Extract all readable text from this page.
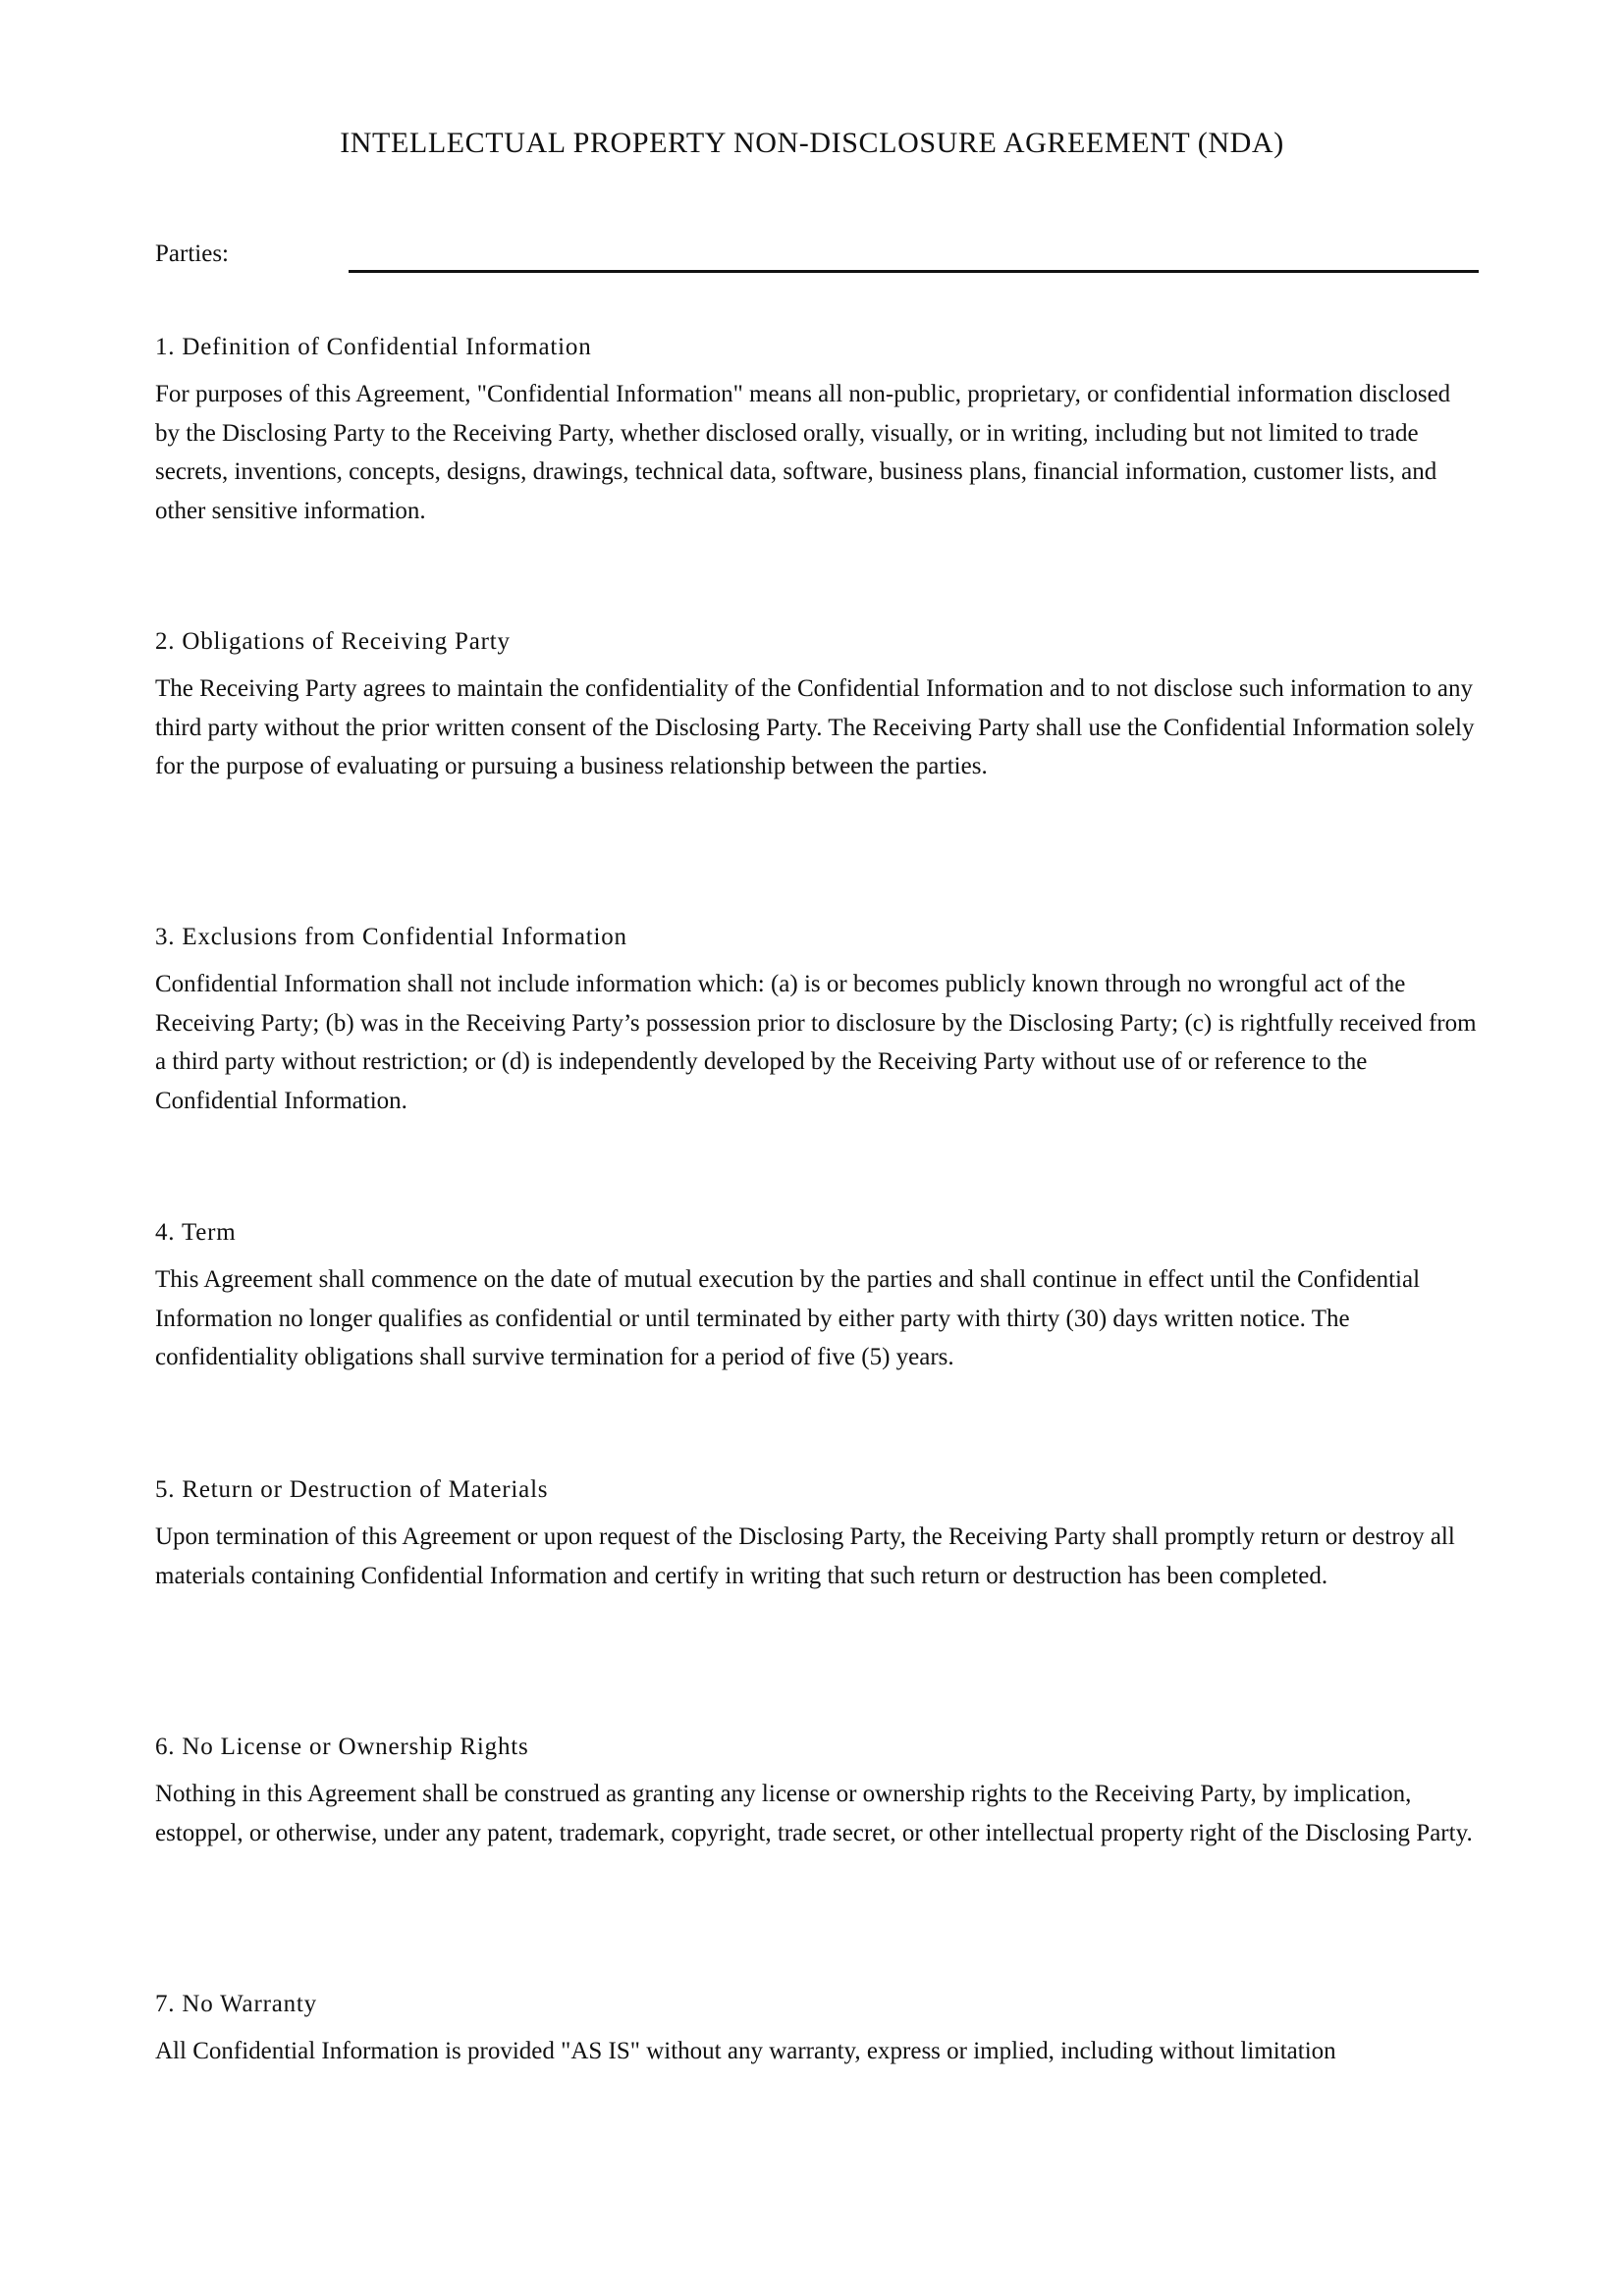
INTELLECTUAL PROPERTY NON-DISCLOSURE AGREEMENT (NDA)
Parties:
1. Definition of Confidential Information

For purposes of this Agreement, "Confidential Information" means all non-public, proprietary, or confidential information disclosed by the Disclosing Party to the Receiving Party, whether disclosed orally, visually, or in writing, including but not limited to trade secrets, inventions, concepts, designs, drawings, technical data, software, business plans, financial information, customer lists, and other sensitive information.

2. Obligations of Receiving Party

The Receiving Party agrees to maintain the confidentiality of the Confidential Information and to not disclose such information to any third party without the prior written consent of the Disclosing Party. The Receiving Party shall use the Confidential Information solely for the purpose of evaluating or pursuing a business relationship between the parties.

3. Exclusions from Confidential Information

Confidential Information shall not include information which: (a) is or becomes publicly known through no wrongful act of the Receiving Party; (b) was in the Receiving Party’s possession prior to disclosure by the Disclosing Party; (c) is rightfully received from a third party without restriction; or (d) is independently developed by the Receiving Party without use of or reference to the Confidential Information.

4. Term

This Agreement shall commence on the date of mutual execution by the parties and shall continue in effect until the Confidential Information no longer qualifies as confidential or until terminated by either party with thirty (30) days written notice. The confidentiality obligations shall survive termination for a period of five (5) years.

5. Return or Destruction of Materials

Upon termination of this Agreement or upon request of the Disclosing Party, the Receiving Party shall promptly return or destroy all materials containing Confidential Information and certify in writing that such return or destruction has been completed.

6. No License or Ownership Rights

Nothing in this Agreement shall be construed as granting any license or ownership rights to the Receiving Party, by implication, estoppel, or otherwise, under any patent, trademark, copyright, trade secret, or other intellectual property right of the Disclosing Party.

7. No Warranty

All Confidential Information is provided "AS IS" without any warranty, express or implied, including without limitation
